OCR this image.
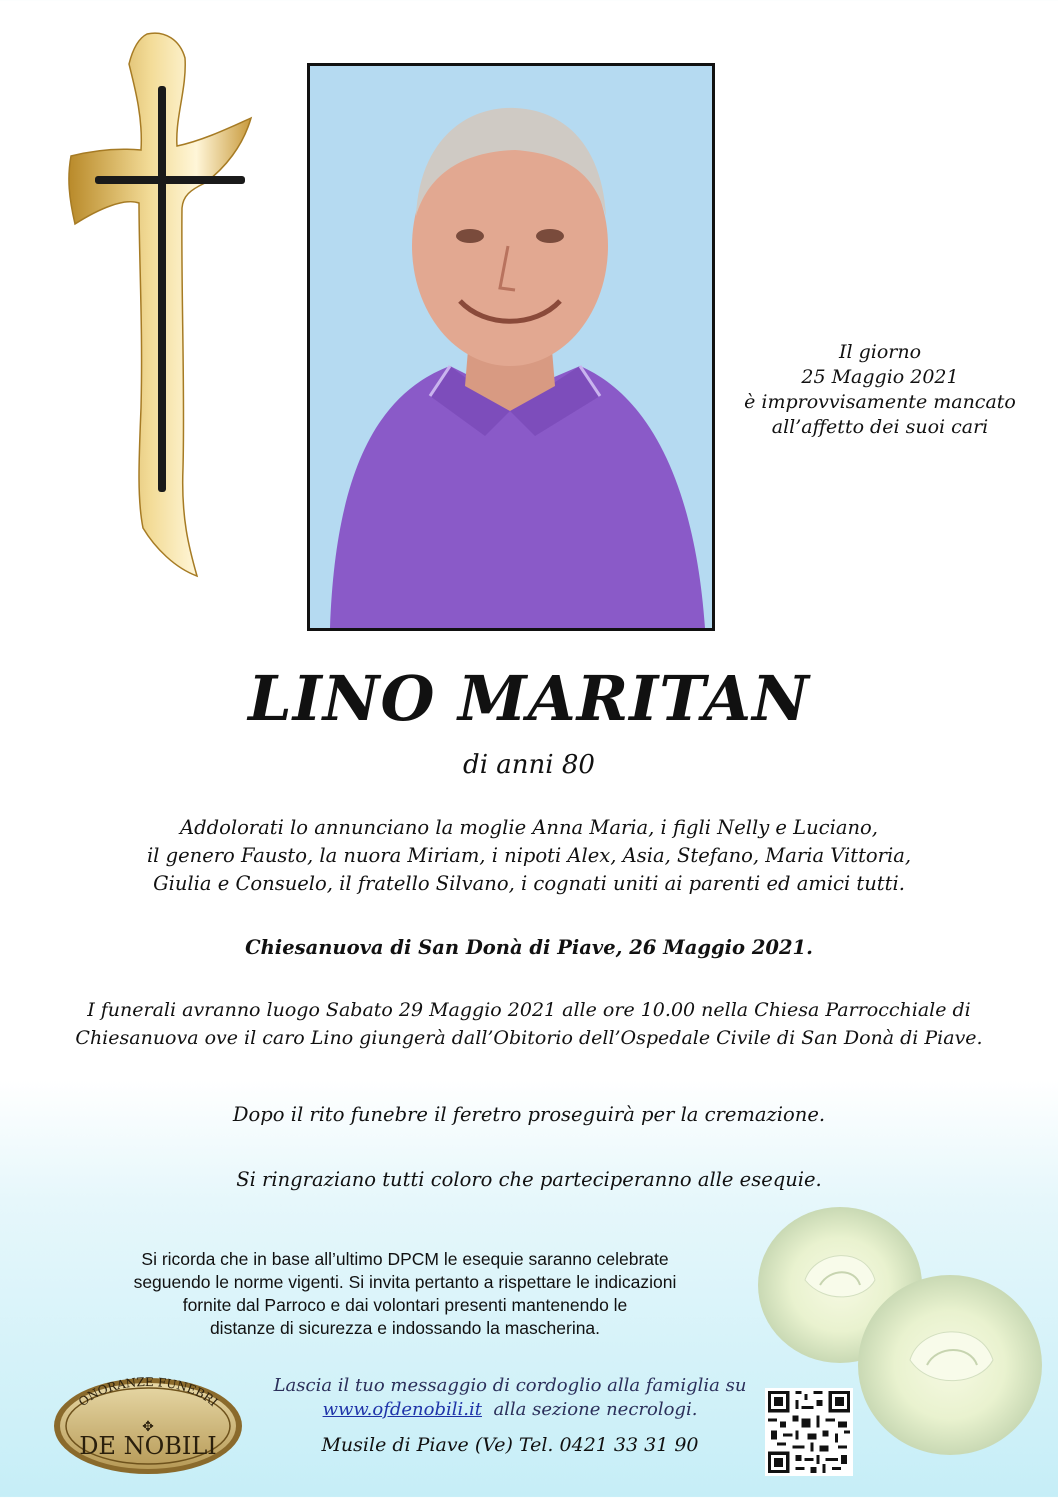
Il giorno
25 Maggio 2021
è improvvisamente mancato
all’affetto dei suoi cari
LINO MARITAN
di anni 80
Addolorati lo annunciano la moglie Anna Maria, i figli Nelly e Luciano,
il genero Fausto, la nuora Miriam, i nipoti Alex, Asia, Stefano, Maria Vittoria,
Giulia e Consuelo, il fratello Silvano, i cognati uniti ai parenti ed amici tutti.
Chiesanuova di San Donà di Piave, 26 Maggio 2021.
I funerali avranno luogo Sabato 29 Maggio 2021 alle ore 10.00 nella Chiesa Parrocchiale di
Chiesanuova ove il caro Lino giungerà dall’Obitorio dell’Ospedale Civile di San Donà di Piave.
Dopo il rito funebre il feretro proseguirà per la cremazione.
Si ringraziano tutti coloro che parteciperanno alle esequie.
Si ricorda che in base all’ultimo DPCM le esequie saranno celebrate
seguendo le norme vigenti. Si invita pertanto a rispettare le indicazioni
fornite dal Parroco e dai volontari presenti mantenendo le
distanze di sicurezza e indossando la mascherina.
ONORANZE FUNEBRI
✥
DE NOBILI
Lascia il tuo messaggio di cordoglio alla famiglia su
www.ofdenobili.it alla sezione necrologi.
Musile di Piave (Ve) Tel. 0421 33 31 90
